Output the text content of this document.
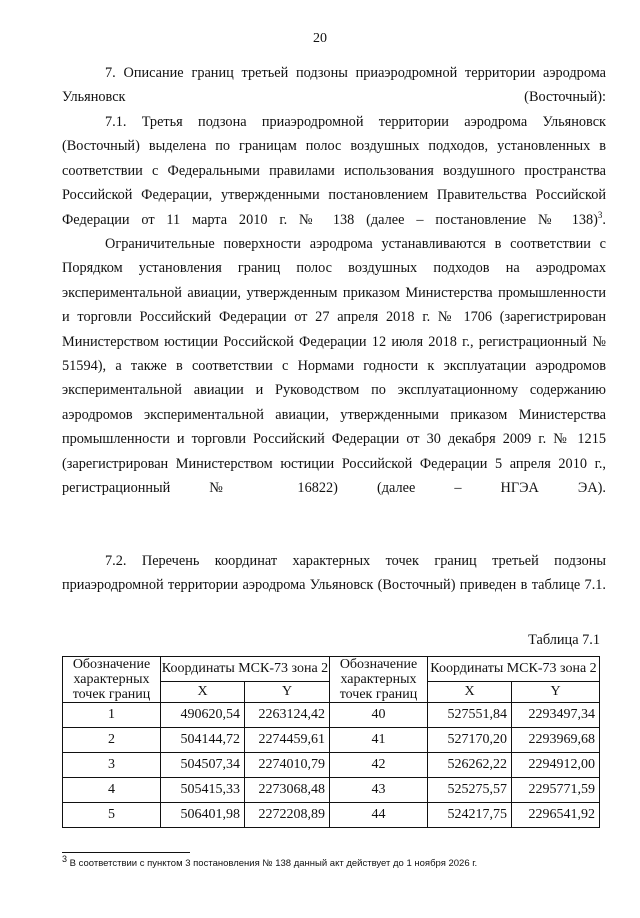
20

7. Описание границ третьей подзоны приаэродромной территории аэродрома Ульяновск (Восточный):

7.1. Третья подзона приаэродромной территории аэродрома Ульяновск (Восточный) выделена по границам полос воздушных подходов, установленных в соответствии с Федеральными правилами использования воздушного пространства Российской Федерации, утвержденными постановлением Правительства Российской Федерации от 11 марта 2010 г. № 138 (далее – постановление № 138)$^3$.

Ограничительные поверхности аэродрома устанавливаются в соответствии с Порядком установления границ полос воздушных подходов на аэродромах экспериментальной авиации, утвержденным приказом Министерства промышленности и торговли Российский Федерации от 27 апреля 2018 г. № 1706 (зарегистрирован Министерством юстиции Российской Федерации 12 июля 2018 г., регистрационный № 51594), а также в соответствии с Нормами годности к эксплуатации аэродромов экспериментальной авиации и Руководством по эксплуатационному содержанию аэродромов экспериментальной авиации, утвержденными приказом Министерства промышленности и торговли Российский Федерации от 30 декабря 2009 г. № 1215 (зарегистрирован Министерством юстиции Российской Федерации 5 апреля 2010 г., регистрационный № 16822) (далее – НГЭА ЭА).

7.2. Перечень координат характерных точек границ третьей подзоны приаэродромной территории аэродрома Ульяновск (Восточный) приведен в таблице 7.1.

Таблица 7.1
Обозначение характерных точек границ	Координаты МСК-73 зона 2		Обозначение характерных точек границ	Координаты МСК-73 зона 2	
	X	Y		X	Y
1	490620,54	2263124,42	40	527551,84	2293497,34
2	504144,72	2274459,61	41	527170,20	2293969,68
3	504507,34	2274010,79	42	526262,22	2294912,00
4	505415,33	2273068,48	43	525275,57	2295771,59
5	506401,98	2272208,89	44	524217,75	2296541,92
$^3$ В соответствии с пунктом 3 постановления № 138 данный акт действует до 1 ноября 2026 г.
